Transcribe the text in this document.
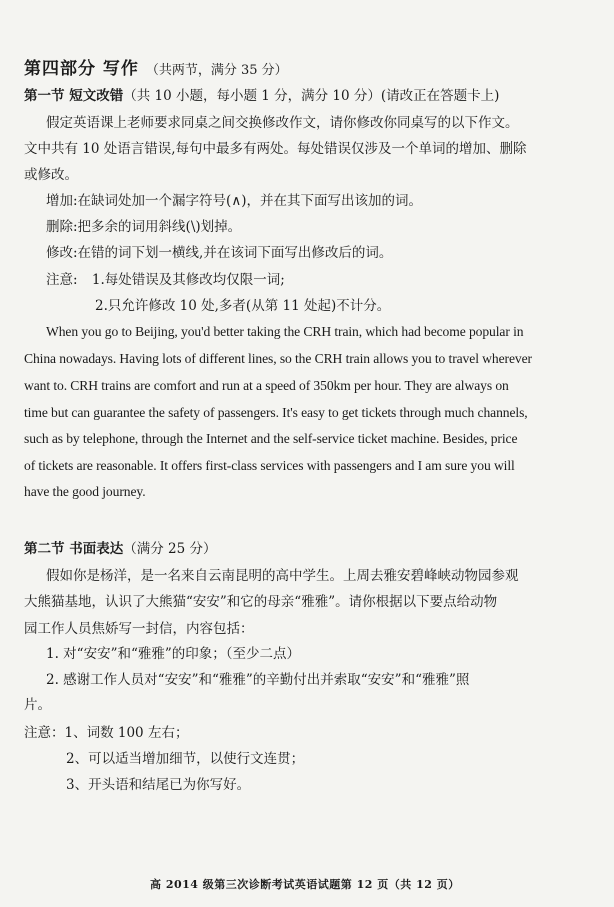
第四部分 写作 （共两节，满分 35 分）
第一节 短文改错（共 10 小题，每小题 1 分，满分 10 分）(请改正在答题卡上)
假定英语课上老师要求同桌之间交换修改作文，请你修改你同桌写的以下作文。
文中共有 10 处语言错误,每句中最多有两处。每处错误仅涉及一个单词的增加、删除
或修改。
增加:在缺词处加一个漏字符号(∧)，并在其下面写出该加的词。
删除:把多余的词用斜线(\)划掉。
修改:在错的词下划一横线,并在该词下面写出修改后的词。
注意: 1.每处错误及其修改均仅限一词;
2.只允许修改 10 处,多者(从第 11 处起)不计分。
When you go to Beijing, you'd better taking the CRH train, which had become popular in
China nowadays. Having lots of different lines, so the CRH train allows you to travel wherever
want to. CRH trains are comfort and run at a speed of 350km per hour. They are always on
time but can guarantee the safety of passengers. It's easy to get tickets through much channels,
such as by telephone, through the Internet and the self-service ticket machine. Besides, price
of tickets are reasonable. It offers first-class services with passengers and I am sure you will
have the good journey.
第二节 书面表达（满分 25 分）
假如你是杨洋，是一名来自云南昆明的高中学生。上周去雅安碧峰峡动物园参观
大熊猫基地，认识了大熊猫“安安”和它的母亲“雅雅”。请你根据以下要点给动物
园工作人员焦娇写一封信，内容包括：
1. 对“安安”和“雅雅”的印象；（至少二点）
2. 感谢工作人员对“安安”和“雅雅”的辛勤付出并索取“安安”和“雅雅”照
片。
注意：1、词数 100 左右；
2、可以适当增加细节，以使行文连贯；
3、开头语和结尾已为你写好。
高 2014 级第三次诊断考试英语试题第 12 页（共 12 页）
